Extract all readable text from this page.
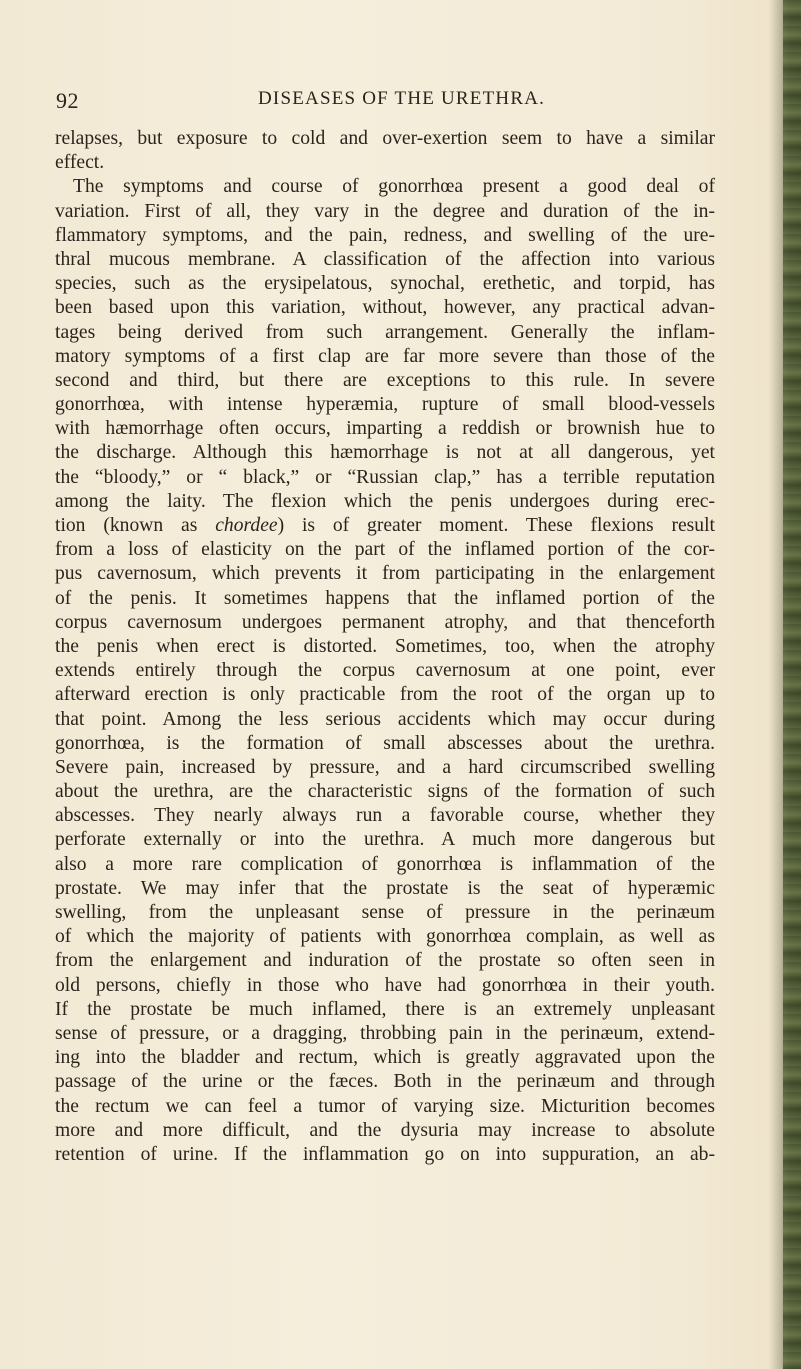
92	DISEASES OF THE URETHRA.
relapses, but exposure to cold and over-exertion seem to have a similar
effect.
The symptoms and course of gonorrhœa present a good deal of
variation. First of all, they vary in the degree and duration of the in-
flammatory symptoms, and the pain, redness, and swelling of the ure-
thral mucous membrane. A classification of the affection into various
species, such as the erysipelatous, synochal, erethetic, and torpid, has
been based upon this variation, without, however, any practical advan-
tages being derived from such arrangement. Generally the inflam-
matory symptoms of a first clap are far more severe than those of the
second and third, but there are exceptions to this rule. In severe
gonorrhœa, with intense hyperæmia, rupture of small blood-vessels
with hæmorrhage often occurs, imparting a reddish or brownish hue to
the discharge. Although this hæmorrhage is not at all dangerous, yet
the “bloody,” or “ black,” or “Russian clap,” has a terrible reputation
among the laity. The flexion which the penis undergoes during erec-
tion (known as chordee) is of greater moment. These flexions result
from a loss of elasticity on the part of the inflamed portion of the cor-
pus cavernosum, which prevents it from participating in the enlargement
of the penis. It sometimes happens that the inflamed portion of the
corpus cavernosum undergoes permanent atrophy, and that thenceforth
the penis when erect is distorted. Sometimes, too, when the atrophy
extends entirely through the corpus cavernosum at one point, ever
afterward erection is only practicable from the root of the organ up to
that point. Among the less serious accidents which may occur during
gonorrhœa, is the formation of small abscesses about the urethra.
Severe pain, increased by pressure, and a hard circumscribed swelling
about the urethra, are the characteristic signs of the formation of such
abscesses. They nearly always run a favorable course, whether they
perforate externally or into the urethra. A much more dangerous but
also a more rare complication of gonorrhœa is inflammation of the
prostate. We may infer that the prostate is the seat of hyperæmic
swelling, from the unpleasant sense of pressure in the perinæum
of which the majority of patients with gonorrhœa complain, as well as
from the enlargement and induration of the prostate so often seen in
old persons, chiefly in those who have had gonorrhœa in their youth.
If the prostate be much inflamed, there is an extremely unpleasant
sense of pressure, or a dragging, throbbing pain in the perinæum, extend-
ing into the bladder and rectum, which is greatly aggravated upon the
passage of the urine or the fæces. Both in the perinæum and through
the rectum we can feel a tumor of varying size. Micturition becomes
more and more difficult, and the dysuria may increase to absolute
retention of urine. If the inflammation go on into suppuration, an ab-
